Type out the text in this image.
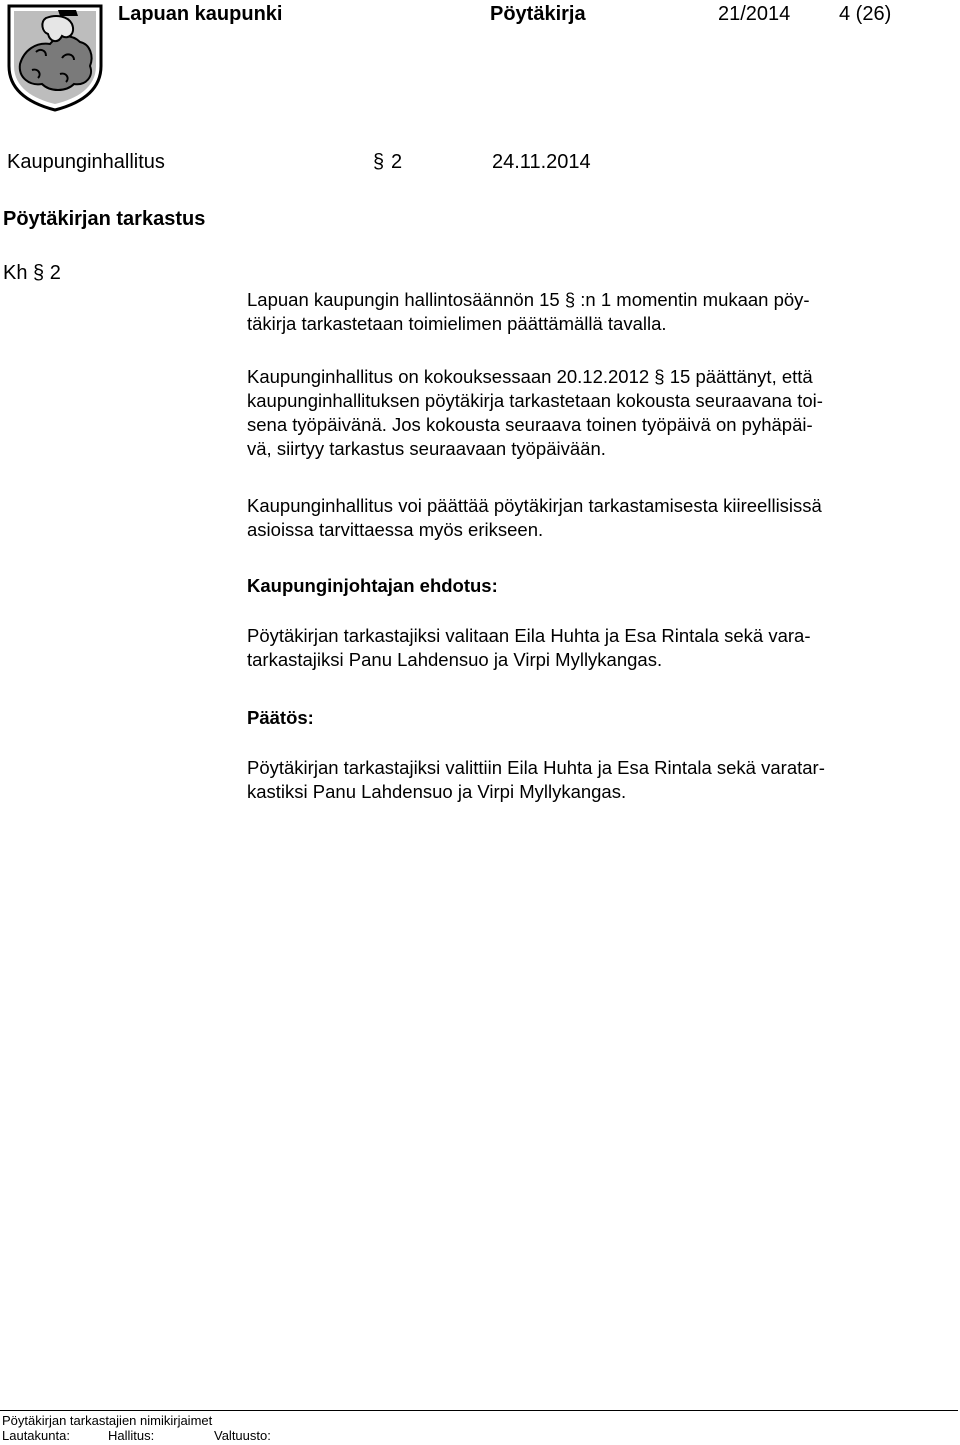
Lapuan kaupunki	Pöytäkirja	21/2014 4 (26)
Kaupunginhallitus	§ 2	24.11.2014
Pöytäkirjan tarkastus
Kh § 2
Lapuan kaupungin hallintosäännön 15 § :n 1 momentin mukaan pöy-
täkirja tarkastetaan toimielimen päättämällä tavalla.
Kaupunginhallitus on kokouksessaan 20.12.2012 § 15 päättänyt, että
kaupunginhallituksen pöytäkirja tarkastetaan kokousta seuraavana toi-
sena työpäivänä. Jos kokousta seuraava toinen työpäivä on pyhäpäi-
vä, siirtyy tarkastus seuraavaan työpäivään.
Kaupunginhallitus voi päättää pöytäkirjan tarkastamisesta kiireellisissä
asioissa tarvittaessa myös erikseen.
Kaupunginjohtajan ehdotus:
Pöytäkirjan tarkastajiksi valitaan Eila Huhta ja Esa Rintala sekä vara-
tarkastajiksi Panu Lahdensuo ja Virpi Myllykangas.
Päätös:
Pöytäkirjan tarkastajiksi valittiin Eila Huhta ja Esa Rintala sekä varatar-
kastiksi Panu Lahdensuo ja Virpi Myllykangas.
Pöytäkirjan tarkastajien nimikirjaimet
Lautakunta:	Hallitus:	Valtuusto:
